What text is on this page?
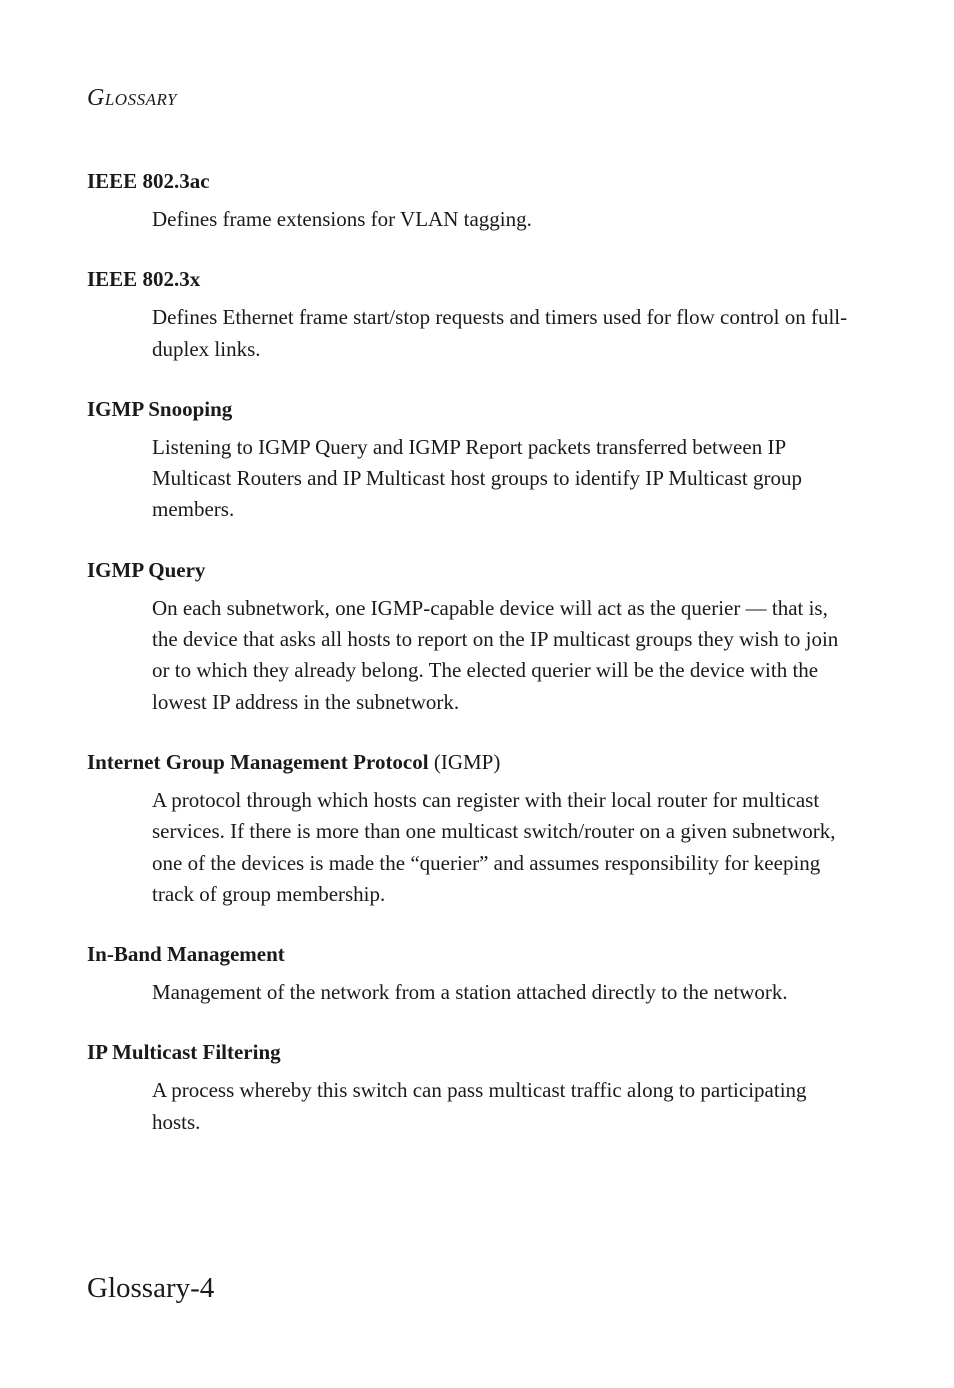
Glossary
IEEE 802.3ac
Defines frame extensions for VLAN tagging.
IEEE 802.3x
Defines Ethernet frame start/stop requests and timers used for flow control on full-duplex links.
IGMP Snooping
Listening to IGMP Query and IGMP Report packets transferred between IP Multicast Routers and IP Multicast host groups to identify IP Multicast group members.
IGMP Query
On each subnetwork, one IGMP-capable device will act as the querier — that is, the device that asks all hosts to report on the IP multicast groups they wish to join or to which they already belong. The elected querier will be the device with the lowest IP address in the subnetwork.
Internet Group Management Protocol (IGMP)
A protocol through which hosts can register with their local router for multicast services. If there is more than one multicast switch/router on a given subnetwork, one of the devices is made the “querier” and assumes responsibility for keeping track of group membership.
In-Band Management
Management of the network from a station attached directly to the network.
IP Multicast Filtering
A process whereby this switch can pass multicast traffic along to participating hosts.
Glossary-4
